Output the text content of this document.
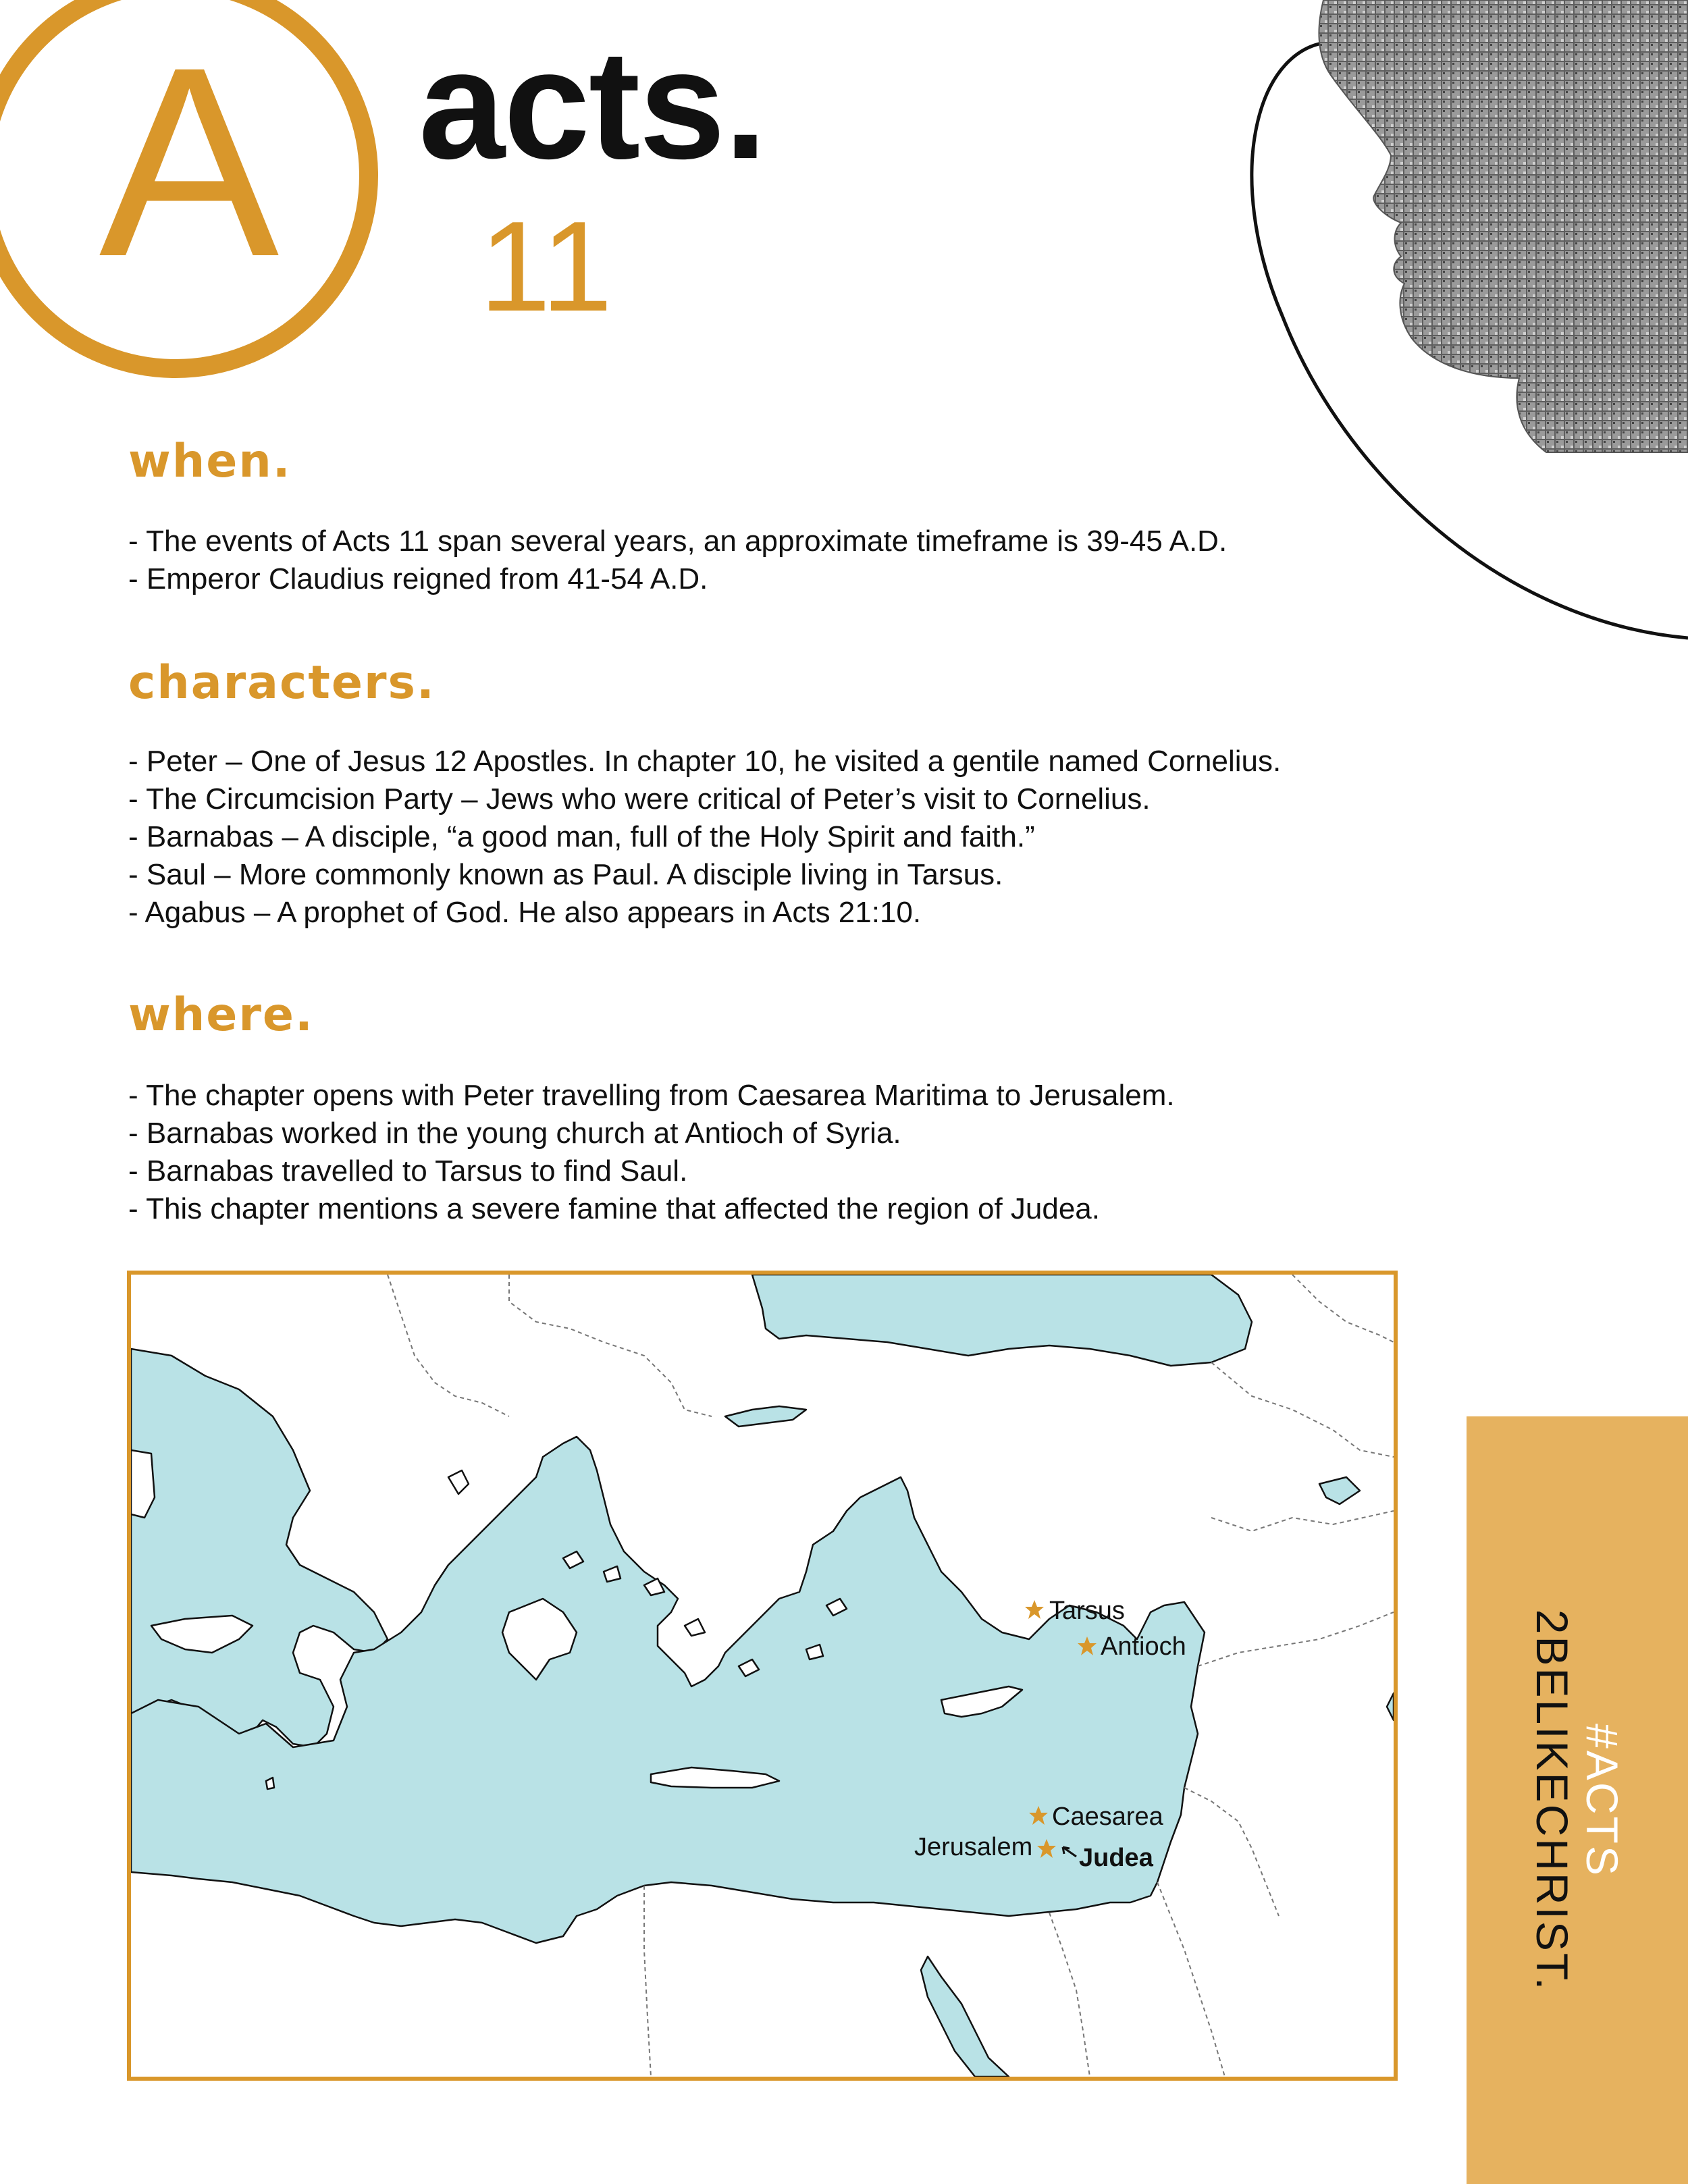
A acts.
11
when.
- The events of Acts 11 span several years, an approximate timeframe is 39-45 A.D.
- Emperor Claudius reigned from 41-54 A.D.
characters.
- Peter – One of Jesus 12 Apostles. In chapter 10, he visited a gentile named Cornelius.
- The Circumcision Party – Jews who were critical of Peter’s visit to Cornelius.
- Barnabas – A disciple, “a good man, full of the Holy Spirit and faith.”
- Saul – More commonly known as Paul. A disciple living in Tarsus.
- Agabus – A prophet of God. He also appears in Acts 21:10.
where.
- The chapter opens with Peter travelling from Caesarea Maritima to Jerusalem.
- Barnabas worked in the young church at Antioch of Syria.
- Barnabas travelled to Tarsus to find Saul.
- This chapter mentions a severe famine that affected the region of Judea.
Tarsus
Antioch
Caesarea
Jerusalem Judea	#ACTS
2BELIKECHRIST.
